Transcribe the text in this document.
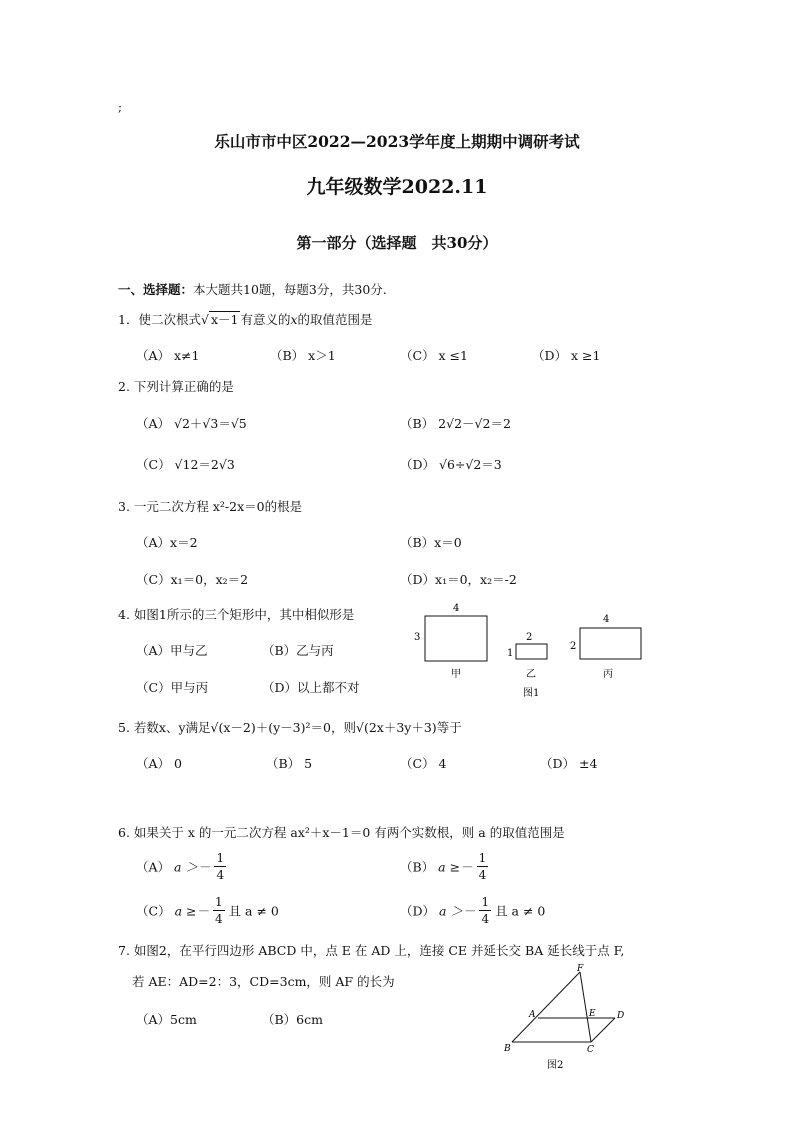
;
乐山市市中区2022—2023学年度上期期中调研考试
九年级数学2022.11
第一部分（选择题　共30分）
一、选择题：本大题共10题，每题3分，共30分.
1．使二次根式√ x－1 有意义的x的取值范围是
（A） x≠1	（B） x＞1	（C） x ≤1	（D） x ≥1
2. 下列计算正确的是
（A） √2＋√3＝√5	（B） 2√2－√2＝2
（C） √12＝2√3	（D） √6÷√2＝3
3. 一元二次方程 x²-2x＝0的根是
（A）x＝2	（B）x＝0
（C）x₁＝0，x₂＝2	（D）x₁＝0，x₂＝-2
4. 如图1所示的三个矩形中，其中相似形是
（A）甲与乙	（B）乙与丙
（C）甲与丙	（D）以上都不对
4
3
甲
2
1
乙
4
2
丙
图1
5. 若数x、y满足√(x－2)＋(y－3)²＝0，则√(2x＋3y＋3)等于
（A） 0	（B） 5	（C） 4	（D） ±4
6. 如果关于 x 的一元二次方程 ax²＋x－1＝0 有两个实数根，则 a 的取值范围是
（A） $a >- \frac{1}{4}$	（B） $a \ge- \frac{1}{4}$
（C） $a \ge- \frac{1}{4}$ 且 a ≠ 0	（D） $a >- \frac{1}{4}$ 且 a ≠ 0
7. 如图2，在平行四边形 ABCD 中，点 E 在 AD 上，连接 CE 并延长交 BA 延长线于点 F,
若 AE：AD=2：3，CD=3cm，则 AF 的长为
（A）5cm	（B）6cm
F
A	E D
B	C
图2
